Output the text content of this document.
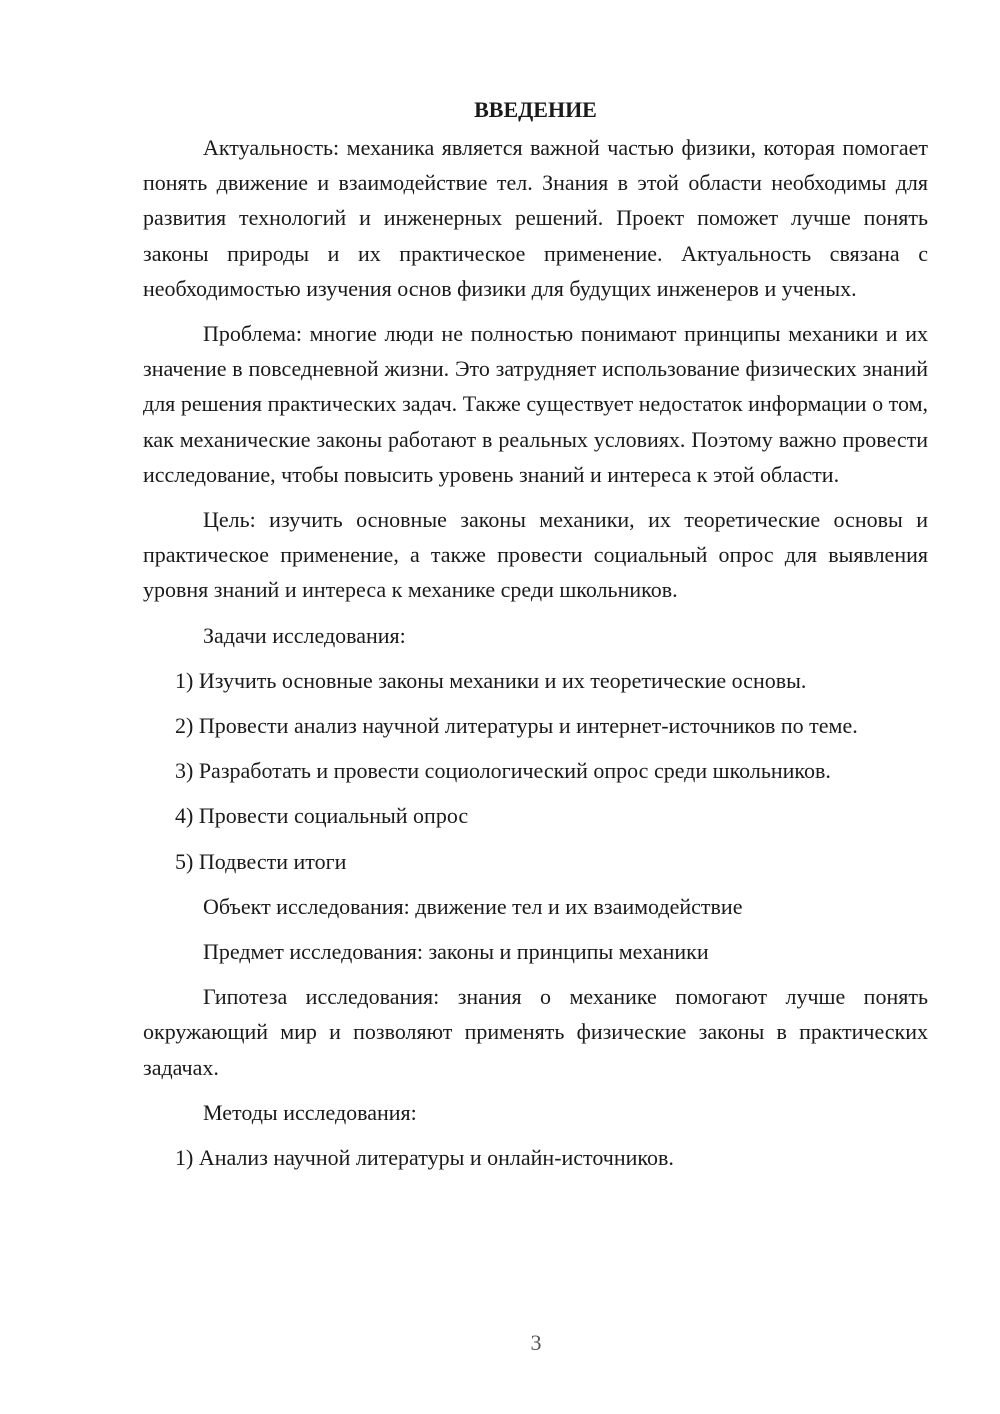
ВВЕДЕНИЕ

Актуальность: механика является важной частью физики, которая помогает понять движение и взаимодействие тел. Знания в этой области необходимы для развития технологий и инженерных решений. Проект поможет лучше понять законы природы и их практическое применение. Актуальность связана с необходимостью изучения основ физики для будущих инженеров и ученых.

Проблема: многие люди не полностью понимают принципы механики и их значение в повседневной жизни. Это затрудняет использование физических знаний для решения практических задач. Также существует недостаток информации о том, как механические законы работают в реальных условиях. Поэтому важно провести исследование, чтобы повысить уровень знаний и интереса к этой области.

Цель: изучить основные законы механики, их теоретические основы и практическое применение, а также провести социальный опрос для выявления уровня знаний и интереса к механике среди школьников.

Задачи исследования:

1) Изучить основные законы механики и их теоретические основы.

2) Провести анализ научной литературы и интернет-источников по теме.

3) Разработать и провести социологический опрос среди школьников.

4) Провести социальный опрос

5) Подвести итоги

Объект исследования: движение тел и их взаимодействие

Предмет исследования: законы и принципы механики

Гипотеза исследования: знания о механике помогают лучше понять окружающий мир и позволяют применять физические законы в практических задачах.

Методы исследования:

1) Анализ научной литературы и онлайн-источников.

3
